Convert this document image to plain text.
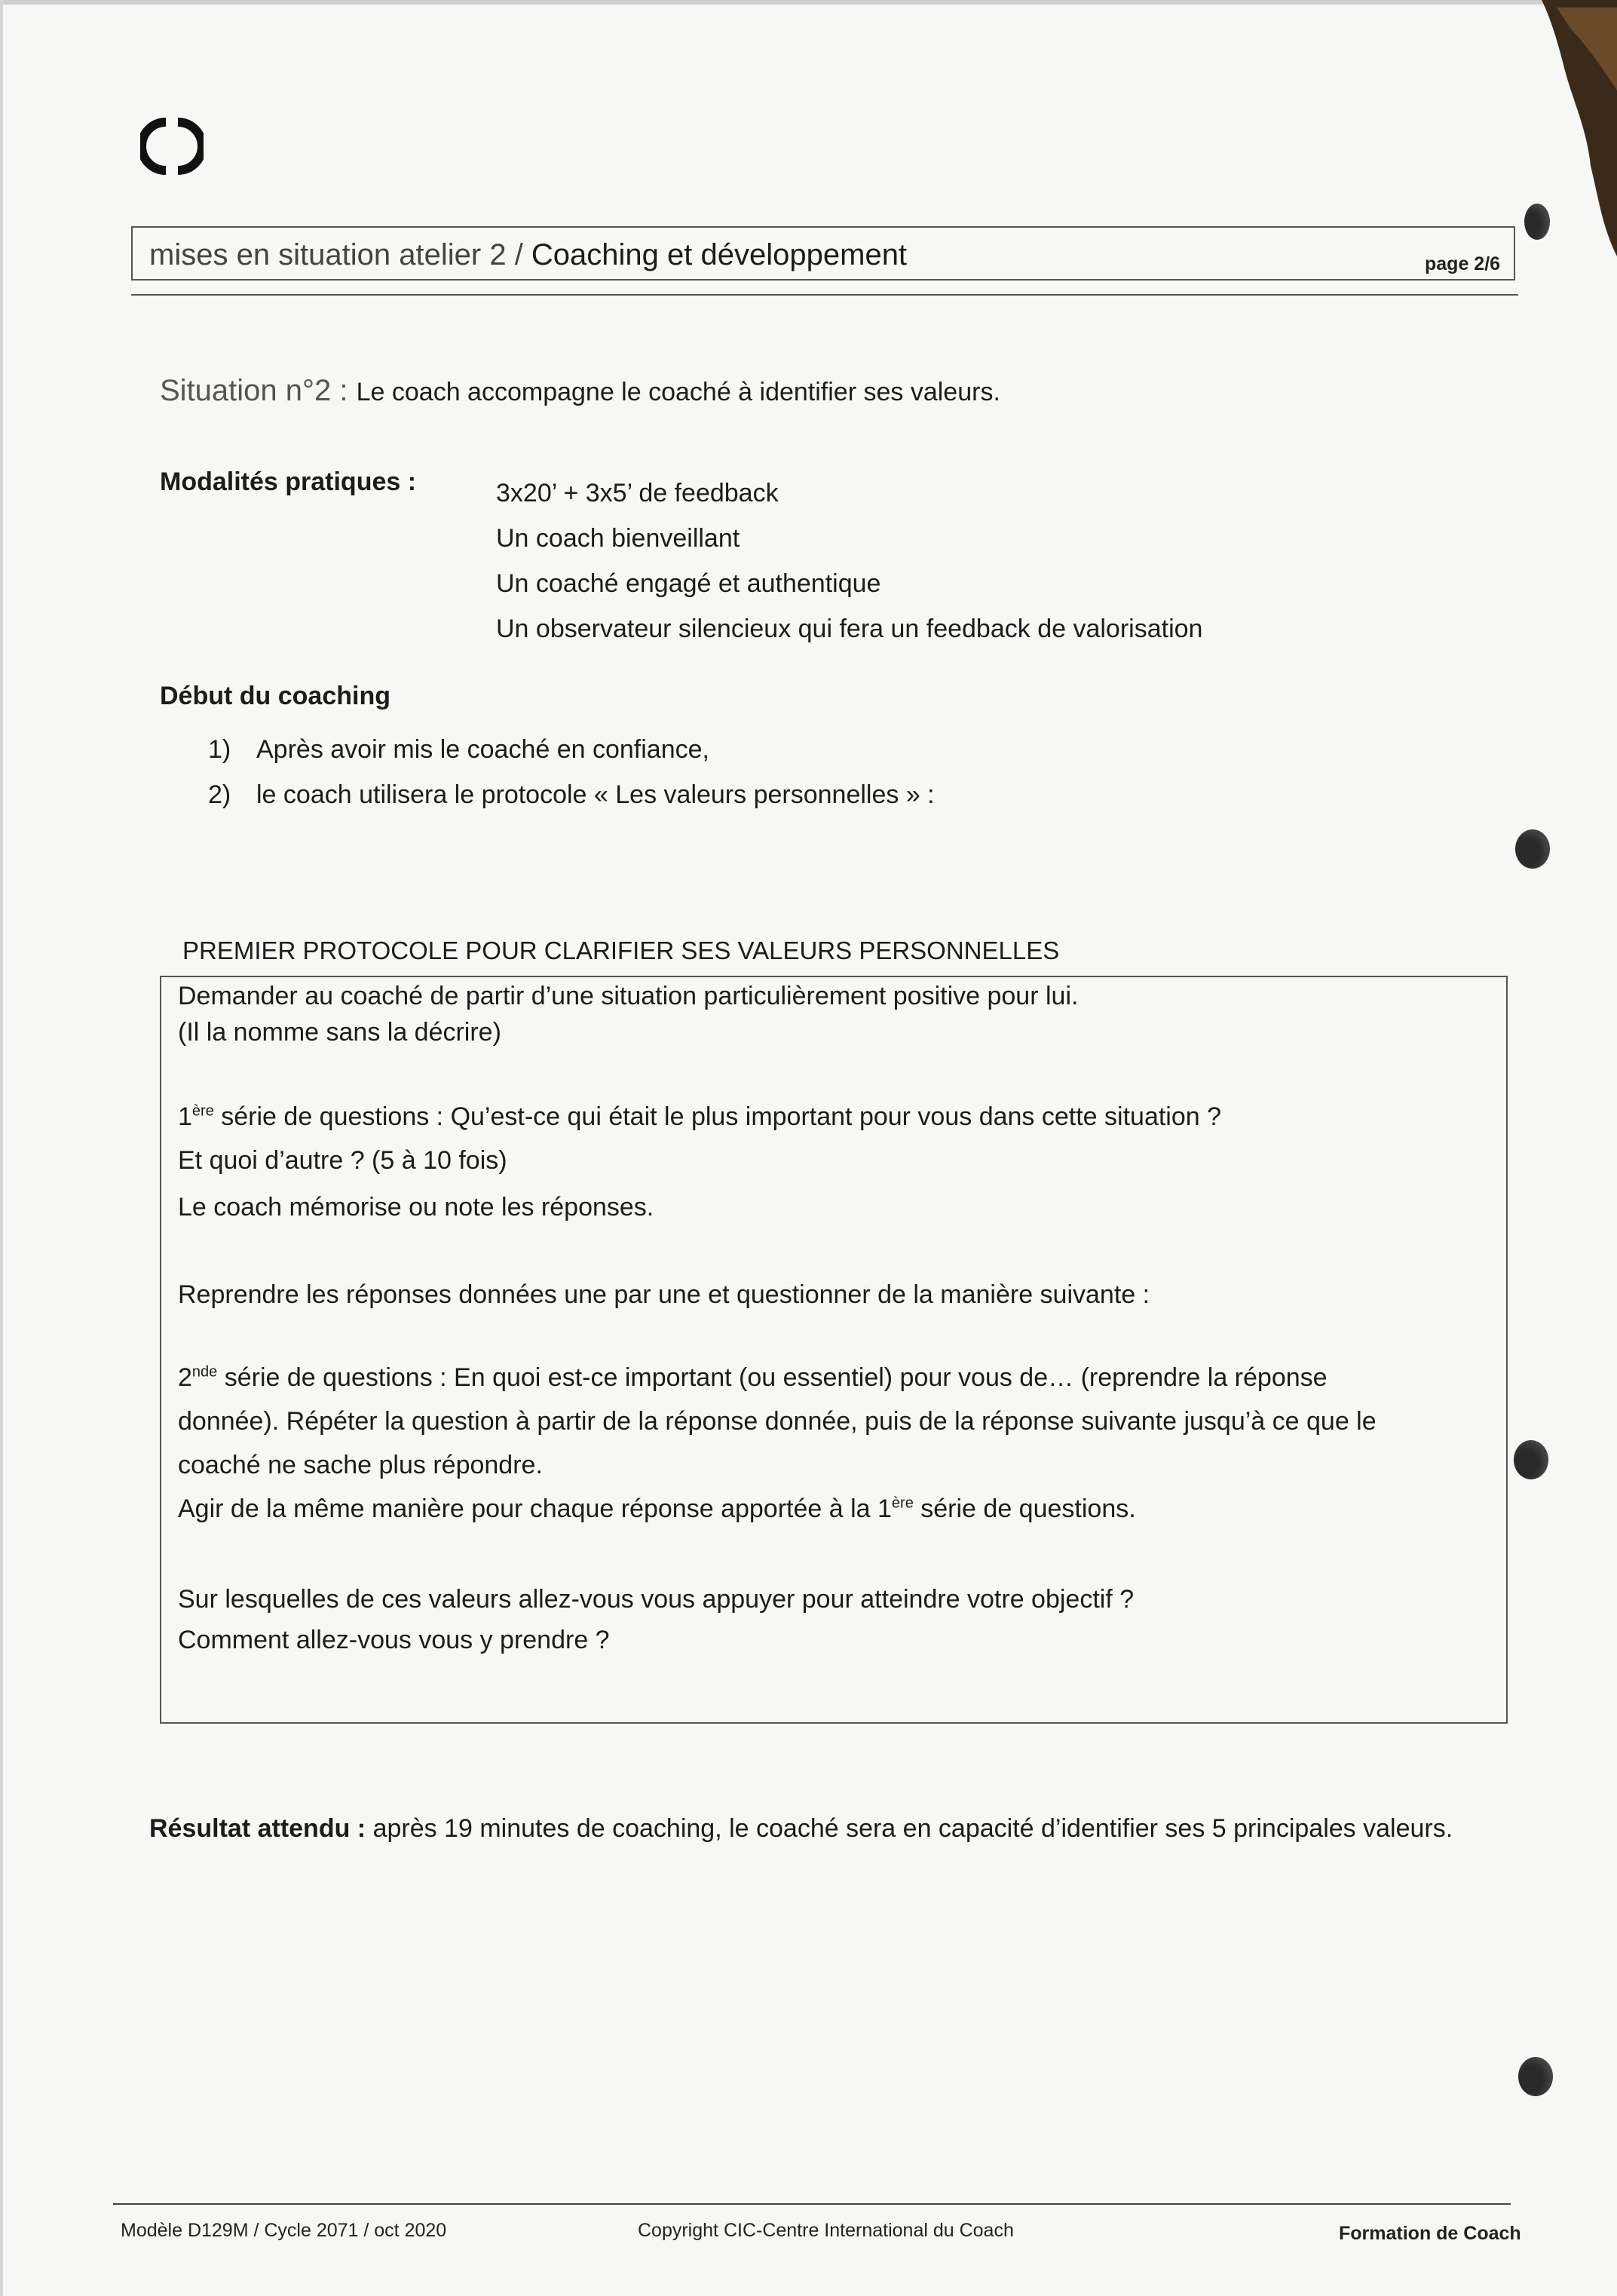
mises en situation atelier 2 / Coaching et développement	page 2/6
Situation n°2 : Le coach accompagne le coaché à identifier ses valeurs.
Modalités pratiques :	3x20’ + 3x5’ de feedback
Un coach bienveillant
Un coaché engagé et authentique
Un observateur silencieux qui fera un feedback de valorisation
Début du coaching
1) Après avoir mis le coaché en confiance,
2) le coach utilisera le protocole « Les valeurs personnelles » :
PREMIER PROTOCOLE POUR CLARIFIER SES VALEURS PERSONNELLES
Demander au coaché de partir d’une situation particulièrement positive pour lui.
(Il la nomme sans la décrire)
1ère série de questions : Qu’est-ce qui était le plus important pour vous dans cette situation ?
Et quoi d’autre ? (5 à 10 fois)
Le coach mémorise ou note les réponses.
Reprendre les réponses données une par une et questionner de la manière suivante :
2nde série de questions : En quoi est-ce important (ou essentiel) pour vous de… (reprendre la réponse
donnée). Répéter la question à partir de la réponse donnée, puis de la réponse suivante jusqu’à ce que le
coaché ne sache plus répondre.
Agir de la même manière pour chaque réponse apportée à la 1ère série de questions.
Sur lesquelles de ces valeurs allez-vous vous appuyer pour atteindre votre objectif ?
Comment allez-vous vous y prendre ?
Résultat attendu : après 19 minutes de coaching, le coaché sera en capacité d’identifier ses 5 principales valeurs.
Modèle D129M / Cycle 2071 / oct 2020	Copyright CIC-Centre International du Coach	Formation de Coach
